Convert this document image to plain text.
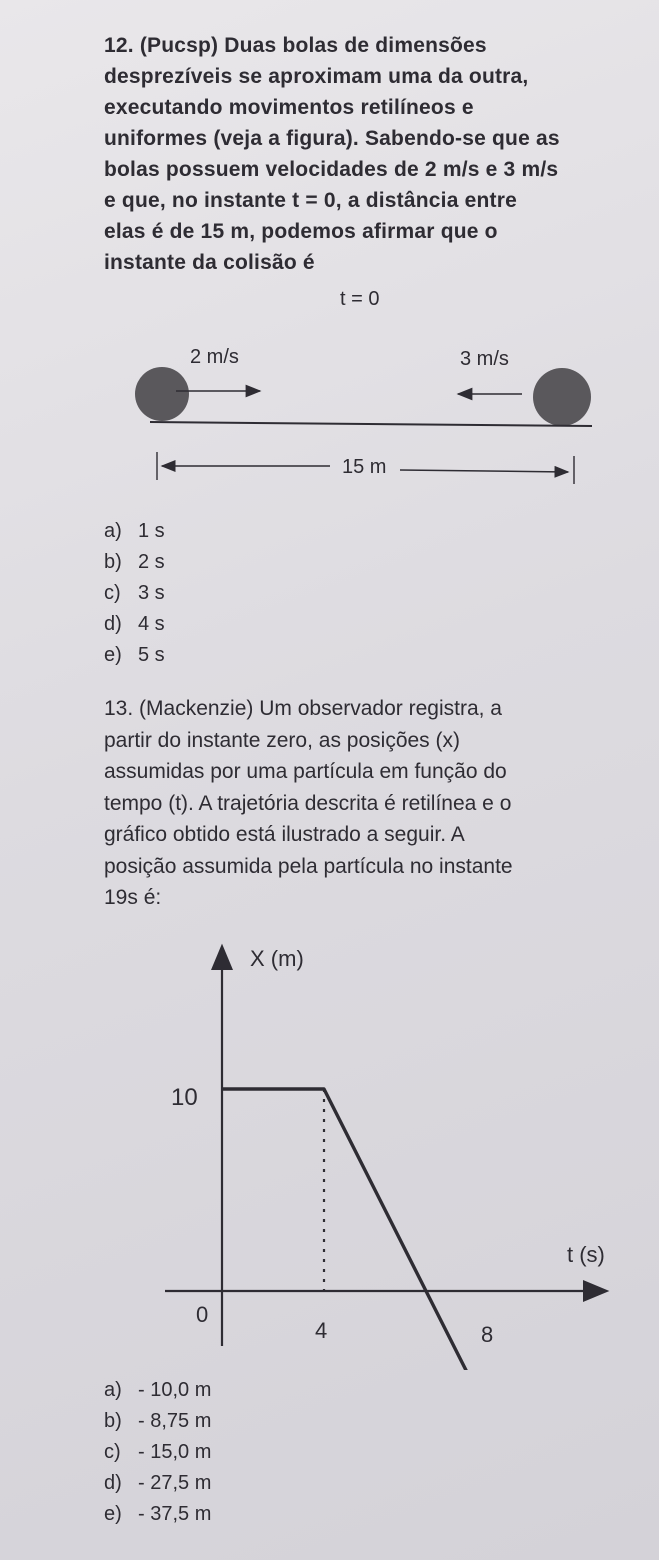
12. (Pucsp) Duas bolas de dimensões
desprezíveis se aproximam uma da outra,
executando movimentos retilíneos e
uniformes (veja a figura). Sabendo-se que as
bolas possuem velocidades de 2 m/s e 3 m/s
e que, no instante t = 0, a distância entre
elas é de 15 m, podemos afirmar que o
instante da colisão é
t = 0
2 m/s	3 m/s
15 m
a) 1 s
b) 2 s
c) 3 s
d) 4 s
e) 5 s
13. (Mackenzie) Um observador registra, a
partir do instante zero, as posições (x)
assumidas por uma partícula em função do
tempo (t). A trajetória descrita é retilínea e o
gráfico obtido está ilustrado a seguir. A
posição assumida pela partícula no instante
19s é:
0
4	8
10
X (m)
t (s)
a) - 10,0 m
b) - 8,75 m
c) - 15,0 m
d) - 27,5 m
e) - 37,5 m
